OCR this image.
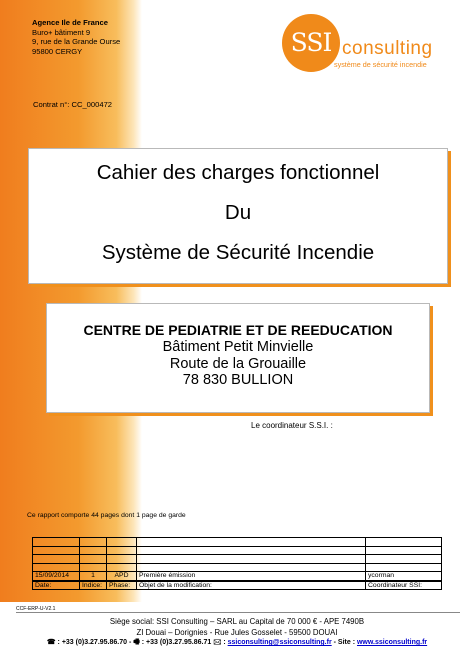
Agence Ile de France
Buro+ bâtiment 9
9, rue de la Grande Ourse
95800 CERGY	SSI consulting
système de sécurité incendie
Contrat n°: CC_000472
Cahier des charges fonctionnel
Du
Système de Sécurité Incendie
CENTRE DE PEDIATRIE ET DE REEDUCATION
Bâtiment Petit Minvielle
Route de la Grouaille
78 830 BULLION
Le coordinateur S.S.I. :
Ce rapport comporte 44 pages dont 1 page de garde

15/09/2014	1	APD	Première émission	ycorman
Date:	Indice:	Phase:	Objet de la modification:	Coordinateur SSI:
CCF-ERP-U-V2.1
Siège social: SSI Consulting – SARL au Capital de 70 000 € - APE 7490B
ZI Douai – Dorignies - Rue Jules Gosselet - 59500 DOUAI
☎ : +33 (0)3.27.95.86.70 - 🖷 : +33 (0)3.27.95.86.71 🖂 : ssiconsulting@ssiconsulting.fr - Site : www.ssiconsulting.fr
